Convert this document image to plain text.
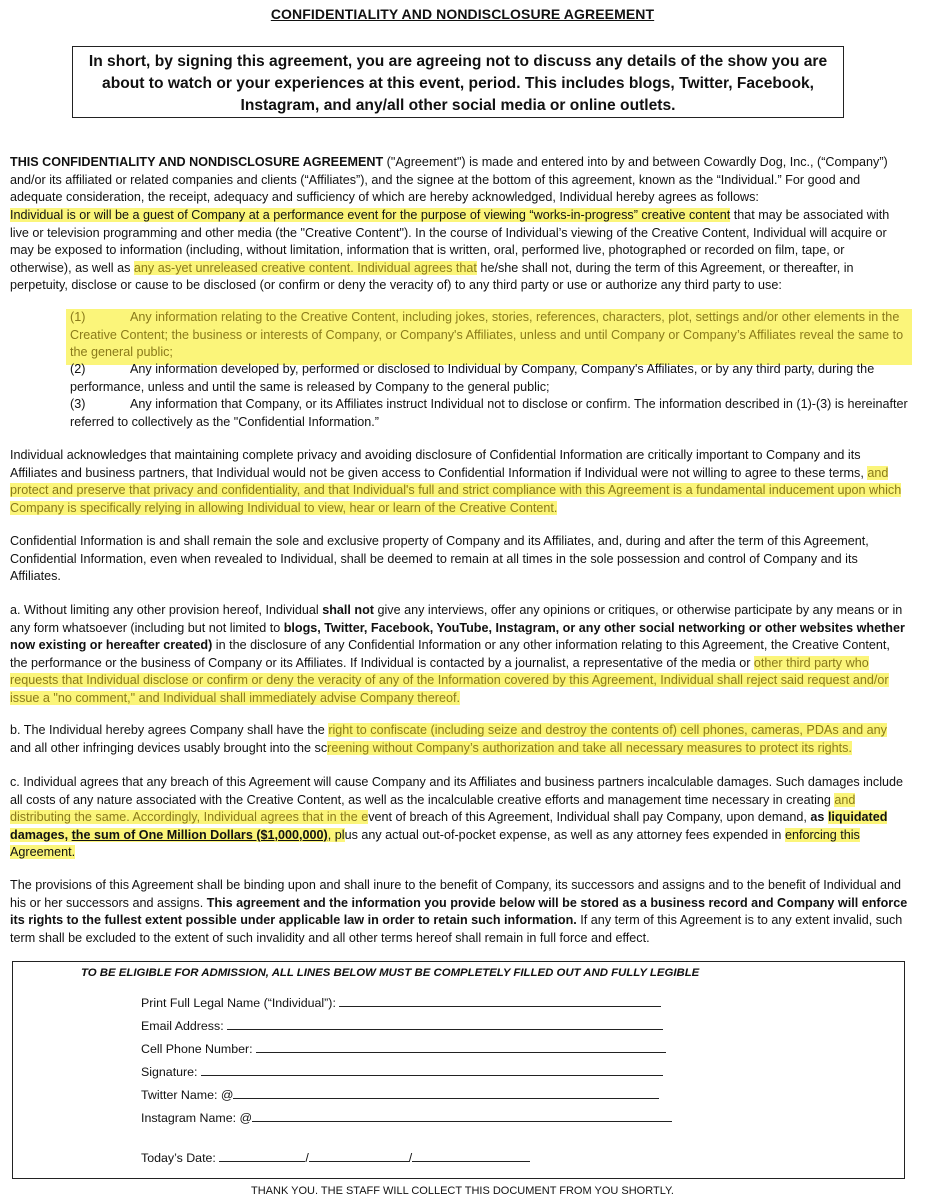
CONFIDENTIALITY AND NONDISCLOSURE AGREEMENT
In short, by signing this agreement, you are agreeing not to discuss any details of the show you are about to watch or your experiences at this event, period. This includes blogs, Twitter, Facebook, Instagram, and any/all other social media or online outlets.

THIS CONFIDENTIALITY AND NONDISCLOSURE AGREEMENT ("Agreement") is made and entered into by and between Cowardly Dog, Inc., (“Company”) and/or its affiliated or related companies and clients (“Affiliates”), and the signee at the bottom of this agreement, known as the “Individual.” For good and adequate consideration, the receipt, adequacy and sufficiency of which are hereby acknowledged, Individual hereby agrees as follows:

Individual is or will be a guest of Company at a performance event for the purpose of viewing “works-in-progress” creative content that may be associated with live or television programming and other media (the "Creative Content"). In the course of Individual’s viewing of the Creative Content, Individual will acquire or may be exposed to information (including, without limitation, information that is written, oral, performed live, photographed or recorded on film, tape, or otherwise), as well as any as-yet unreleased creative content. Individual agrees that he/she shall not, during the term of this Agreement, or thereafter, in perpetuity, disclose or cause to be disclosed (or confirm or deny the veracity of) to any third party or use or authorize any third party to use:

(1)	Any information relating to the Creative Content, including jokes, stories, references, characters, plot, settings and/or other elements in the Creative Content; the business or interests of Company, or Company's Affiliates, unless and until Company or Company’s Affiliates reveal the same to the general public;

(2)	Any information developed by, performed or disclosed to Individual by Company, Company's Affiliates, or by any third party, during the performance, unless and until the same is released by Company to the general public;

(3)	Any information that Company, or its Affiliates instruct Individual not to disclose or confirm. The information described in (1)-(3) is hereinafter referred to collectively as the "Confidential Information.”

Individual acknowledges that maintaining complete privacy and avoiding disclosure of Confidential Information are critically important to Company and its Affiliates and business partners, that Individual would not be given access to Confidential Information if Individual were not willing to agree to these terms, and protect and preserve that privacy and confidentiality, and that Individual's full and strict compliance with this Agreement is a fundamental inducement upon which Company is specifically relying in allowing Individual to view, hear or learn of the Creative Content.

Confidential Information is and shall remain the sole and exclusive property of Company and its Affiliates, and, during and after the term of this Agreement, Confidential Information, even when revealed to Individual, shall be deemed to remain at all times in the sole possession and control of Company and its Affiliates.

a. Without limiting any other provision hereof, Individual shall not give any interviews, offer any opinions or critiques, or otherwise participate by any means or in any form whatsoever (including but not limited to blogs, Twitter, Facebook, YouTube, Instagram, or any other social networking or other websites whether now existing or hereafter created) in the disclosure of any Confidential Information or any other information relating to this Agreement, the Creative Content, the performance or the business of Company or its Affiliates. If Individual is contacted by a journalist, a representative of the media or other third party who requests that Individual disclose or confirm or deny the veracity of any of the Information covered by this Agreement, Individual shall reject said request and/or issue a "no comment," and Individual shall immediately advise Company thereof.

b. The Individual hereby agrees Company shall have the right to confiscate (including seize and destroy the contents of) cell phones, cameras, PDAs and any and all other infringing devices usably brought into the screening without Company’s authorization and take all necessary measures to protect its rights.

c. Individual agrees that any breach of this Agreement will cause Company and its Affiliates and business partners incalculable damages. Such damages include all costs of any nature associated with the Creative Content, as well as the incalculable creative efforts and management time necessary in creating and distributing the same. Accordingly, Individual agrees that in the event of breach of this Agreement, Individual shall pay Company, upon demand, as liquidated damages, the sum of One Million Dollars ($1,000,000), plus any actual out-of-pocket expense, as well as any attorney fees expended in enforcing this Agreement.

The provisions of this Agreement shall be binding upon and shall inure to the benefit of Company, its successors and assigns and to the benefit of Individual and his or her successors and assigns. This agreement and the information you provide below will be stored as a business record and Company will enforce its rights to the fullest extent possible under applicable law in order to retain such information. If any term of this Agreement is to any extent invalid, such term shall be excluded to the extent of such invalidity and all other terms hereof shall remain in full force and effect.

TO BE ELIGIBLE FOR ADMISSION, ALL LINES BELOW MUST BE COMPLETELY FILLED OUT AND FULLY LEGIBLE
Print Full Legal Name (“Individual”):
Email Address:
Cell Phone Number:
Signature:
Twitter Name: @
Instagram Name: @
Today’s Date:	/	/
THANK YOU. THE STAFF WILL COLLECT THIS DOCUMENT FROM YOU SHORTLY.
